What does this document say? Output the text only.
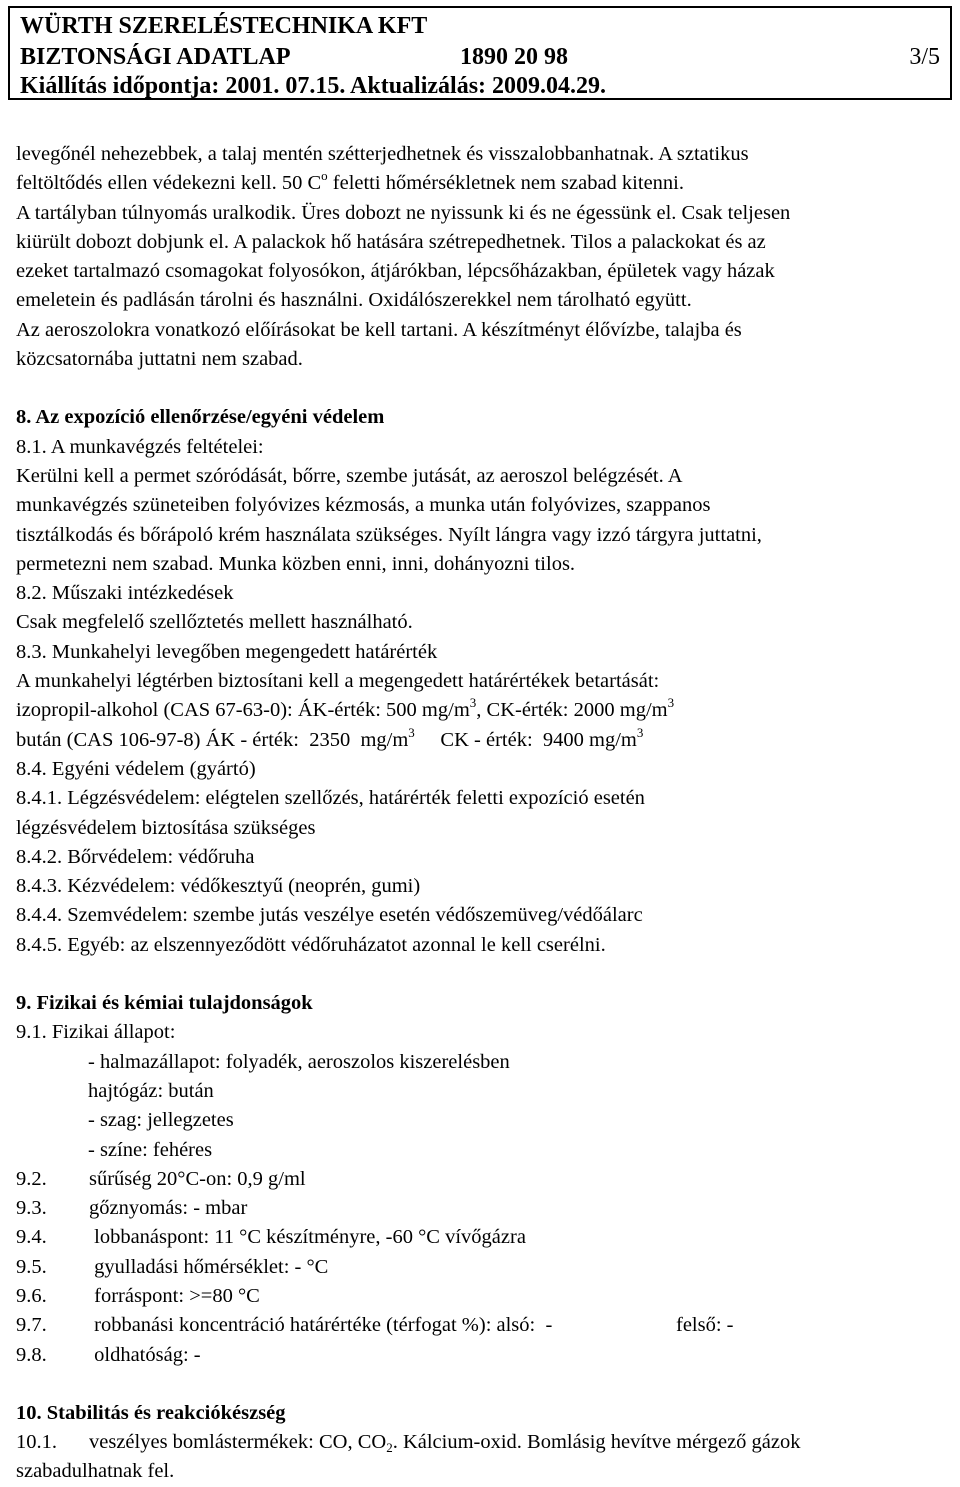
WÜRTH SZERELÉSTECHNIKA KFT
BIZTONSÁGI ADATLAP	1890 20 98	3/5
Kiállítás időpontja: 2001. 07.15. Aktualizálás: 2009.04.29.
levegőnél nehezebbek, a talaj mentén szétterjedhetnek és visszalobbanhatnak. A sztatikus
feltöltődés ellen védekezni kell. 50 $C^o$ feletti hőmérsékletnek nem szabad kitenni.
A tartályban túlnyomás uralkodik. Üres dobozt ne nyissunk ki és ne égessünk el. Csak teljesen
kiürült dobozt dobjunk el. A palackok hő hatására szétrepedhetnek. Tilos a palackokat és az
ezeket tartalmazó csomagokat folyosókon, átjárókban, lépcsőházakban, épületek vagy házak
emeletein és padlásán tárolni és használni. Oxidálószerekkel nem tárolható együtt.
Az aeroszolokra vonatkozó előírásokat be kell tartani. A készítményt élővízbe, talajba és
közcsatornába juttatni nem szabad.
8. Az expozíció ellenőrzése/egyéni védelem
8.1. A munkavégzés feltételei:
Kerülni kell a permet szóródását, bőrre, szembe jutását, az aeroszol belégzését. A
munkavégzés szüneteiben folyóvizes kézmosás, a munka után folyóvizes, szappanos
tisztálkodás és bőrápoló krém használata szükséges. Nyílt lángra vagy izzó tárgyra juttatni,
permetezni nem szabad. Munka közben enni, inni, dohányozni tilos.
8.2. Műszaki intézkedések
Csak megfelelő szellőztetés mellett használható.
8.3. Munkahelyi levegőben megengedett határérték
A munkahelyi légtérben biztosítani kell a megengedett határértékek betartását:
izopropil-alkohol (CAS 67-63-0): ÁK-érték: 500 $mg/m^3$, CK-érték: 2000 $mg/m^3$
bután (CAS 106-97-8) ÁK - érték:  2350  $mg/m^3$     CK - érték:  9400 $mg/m^3$
8.4. Egyéni védelem (gyártó)
8.4.1. Légzésvédelem: elégtelen szellőzés, határérték feletti expozíció esetén
légzésvédelem biztosítása szükséges
8.4.2. Bőrvédelem: védőruha
8.4.3. Kézvédelem: védőkesztyű (neoprén, gumi)
8.4.4. Szemvédelem: szembe jutás veszélye esetén védőszemüveg/védőálarc
8.4.5. Egyéb: az elszennyeződött védőruházatot azonnal le kell cserélni.
9. Fizikai és kémiai tulajdonságok
9.1. Fizikai állapot:
- halmazállapot: folyadék, aeroszolos kiszerelésben
hajtógáz: bután
- szag: jellegzetes
- színe: fehéres
9.2. sűrűség 20°C-on: 0,9 g/ml
9.3. gőznyomás: - mbar
9.4. lobbanáspont: 11 °C készítményre, -60 °C vívőgázra
9.5. gyulladási hőmérséklet: - °C
9.6. forráspont: >=80 °C
9.7. robbanási koncentráció határértéke (térfogat %): alsó:  -	felső: -
9.8. oldhatóság: -
10. Stabilitás és reakciókészség
10.1. veszélyes bomlástermékek: CO, $CO_2$. Kálcium-oxid. Bomlásig hevítve mérgező gázok
szabadulhatnak fel.
